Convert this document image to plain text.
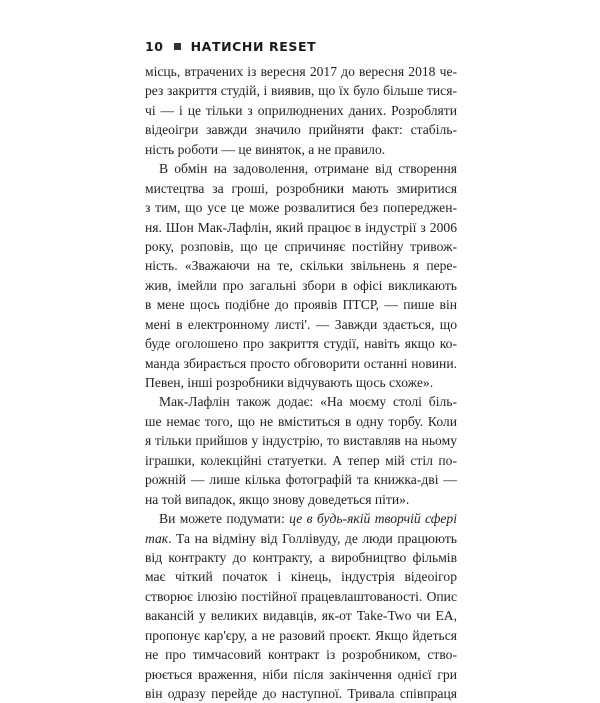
10 НАТИСНИ RESET
місць, втрачених із вересня 2017 до вересня 2018 че-
рез закриття студій, і виявив, що їх було більше тися-
чі — і це тільки з оприлюднених даних. Розробляти
відеоігри завжди значило прийняти факт: стабіль-
ність роботи — це виняток, а не правило.
В обмін на задоволення, отримане від створення
мистецтва за гроші, розробники мають змиритися
з тим, що усе це може розвалитися без попереджен-
ня. Шон Мак-Лафлін, який працює в індустрії з 2006
року, розповів, що це спричиняє постійну тривож-
ність. «Зважаючи на те, скільки звільнень я пере-
жив, імейли про загальні збори в офісі викликають
в мене щось подібне до проявів ПТСР, — пише він
мені в електронному листі'. — Завжди здається, що
буде оголошено про закриття студії, навіть якщо ко-
манда збирається просто обговорити останні новини.
Певен, інші розробники відчувають щось схоже».
Мак-Лафлін також додає: «На моєму столі біль-
ше немає того, що не вміститься в одну торбу. Коли
я тільки прийшов у індустрію, то виставляв на ньому
іграшки, колекційні статуетки. А тепер мій стіл по-
рожній — лише кілька фотографій та книжка-дві —
на той випадок, якщо знову доведеться піти».
Ви можете подумати: це в будь-якій творчій сфері
так. Та на відміну від Голлівуду, де люди працюють
від контракту до контракту, а виробництво фільмів
має чіткий початок і кінець, індустрія відеоігор
створює ілюзію постійної працевлаштованості. Опис
вакансій у великих видавців, як-от Take-Two чи EA,
пропонує кар'єру, а не разовий проєкт. Якщо йдеться
не про тимчасовий контракт із розробником, ство-
рюється враження, ніби після закінчення однієї гри
він одразу перейде до наступної. Тривала співпраця
